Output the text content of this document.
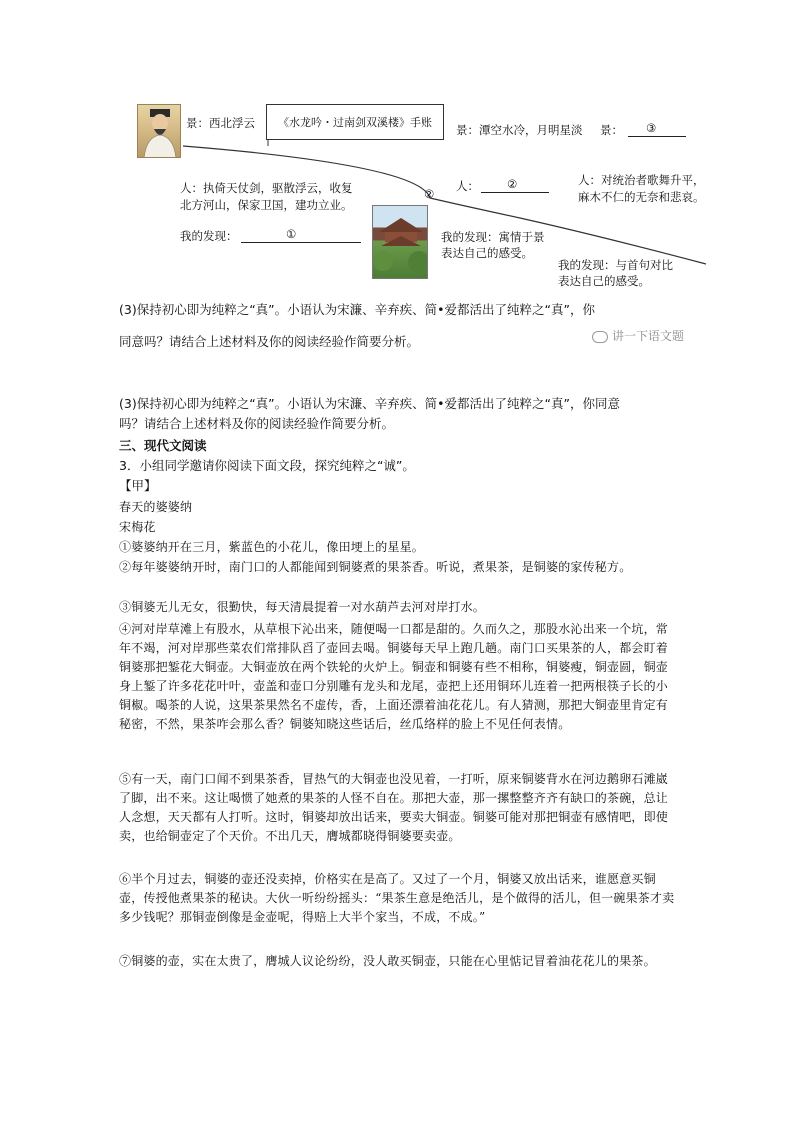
景：西北浮云	《水龙吟・过南剑双溪楼》手账
景：潭空水冷，月明星淡 景： ③
人：执倚天仗剑，驱散浮云，收复
北方河山，保家卫国，建功立业。
我的发现：	①
②
人： ②	人：对统治者歌舞升平，
麻木不仁的无奈和悲哀。
我的发现：寓情于景
表达自己的感受。
我的发现：与首句对比
表达自己的感受。
(3)保持初心即为纯粹之“真”。小语认为宋濂、辛弃疾、简•爱都活出了纯粹之“真”，你
同意吗？请结合上述材料及你的阅读经验作简要分析。	讲一下语文题
(3)保持初心即为纯粹之“真”。小语认为宋濂、辛弃疾、简•爱都活出了纯粹之“真”，你同意
吗？请结合上述材料及你的阅读经验作简要分析。
三、现代文阅读
3．小组同学邀请你阅读下面文段，探究纯粹之“诚”。
【甲】
春天的婆婆纳
宋梅花
①婆婆纳开在三月，紫蓝色的小花儿，像田埂上的星星。
②每年婆婆纳开时，南门口的人都能闻到铜婆煮的果茶香。听说，煮果茶，是铜婆的家传秘方。
③铜婆无儿无女，很勤快，每天清晨提着一对水葫芦去河对岸打水。
④河对岸草滩上有股水，从草根下沁出来，随便喝一口都是甜的。久而久之，那股水沁出来一个坑，常年不竭，河对岸那些菜农们常排队舀了壶回去喝。铜婆每天早上跑几趟。南门口买果茶的人，都会盯着铜婆那把錾花大铜壶。大铜壶放在两个铁轮的火炉上。铜壶和铜婆有些不相称，铜婆瘦，铜壶圆，铜壶身上錾了许多花花叶叶，壶盖和壶口分别雕有龙头和龙尾，壶把上还用铜环儿连着一把两根筷子长的小铜椒。喝茶的人说，这果茶果然名不虚传，香，上面还漂着油花花儿。有人猜测，那把大铜壶里肯定有秘密，不然，果茶咋会那么香？铜婆知晓这些话后，丝瓜络样的脸上不见任何表情。
⑤有一天，南门口闻不到果茶香，冒热气的大铜壶也没见着，一打听，原来铜婆背水在河边鹅卵石滩崴了脚，出不来。这让喝惯了她煮的果茶的人怪不自在。那把大壶，那一摞整整齐齐有缺口的茶碗，总让人念想，天天都有人打听。这时，铜婆却放出话来，要卖大铜壶。铜婆可能对那把铜壶有感情吧，即使卖，也给铜壶定了个天价。不出几天，膺城都晓得铜婆要卖壶。
⑥半个月过去，铜婆的壶还没卖掉，价格实在是高了。又过了一个月，铜婆又放出话来，谁愿意买铜壶，传授他煮果茶的秘诀。大伙一听纷纷摇头：“果茶生意是绝活儿，是个做得的活儿，但一碗果茶才卖多少钱呢？那铜壶倒像是金壶呢，得赔上大半个家当，不成，不成。”
⑦铜婆的壶，实在太贵了，膺城人议论纷纷，没人敢买铜壶，只能在心里惦记冒着油花花儿的果茶。
